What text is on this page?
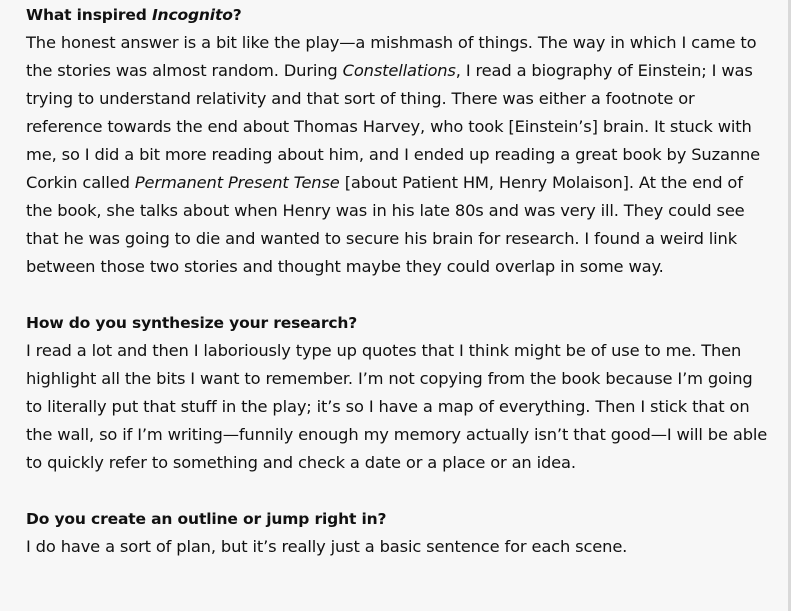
What inspired Incognito?

The honest answer is a bit like the play—a mishmash of things. The way in which I came to the stories was almost random. During Constellations, I read a biography of Einstein; I was trying to understand relativity and that sort of thing. There was either a footnote or reference towards the end about Thomas Harvey, who took [Einstein’s] brain. It stuck with me, so I did a bit more reading about him, and I ended up reading a great book by Suzanne Corkin called Permanent Present Tense [about Patient HM, Henry Molaison]. At the end of the book, she talks about when Henry was in his late 80s and was very ill. They could see that he was going to die and wanted to secure his brain for research. I found a weird link between those two stories and thought maybe they could overlap in some way.

How do you synthesize your research?

I read a lot and then I laboriously type up quotes that I think might be of use to me. Then highlight all the bits I want to remember. I’m not copying from the book because I’m going to literally put that stuff in the play; it’s so I have a map of everything. Then I stick that on the wall, so if I’m writing—funnily enough my memory actually isn’t that good—I will be able to quickly refer to something and check a date or a place or an idea.

Do you create an outline or jump right in?

I do have a sort of plan, but it’s really just a basic sentence for each scene.
